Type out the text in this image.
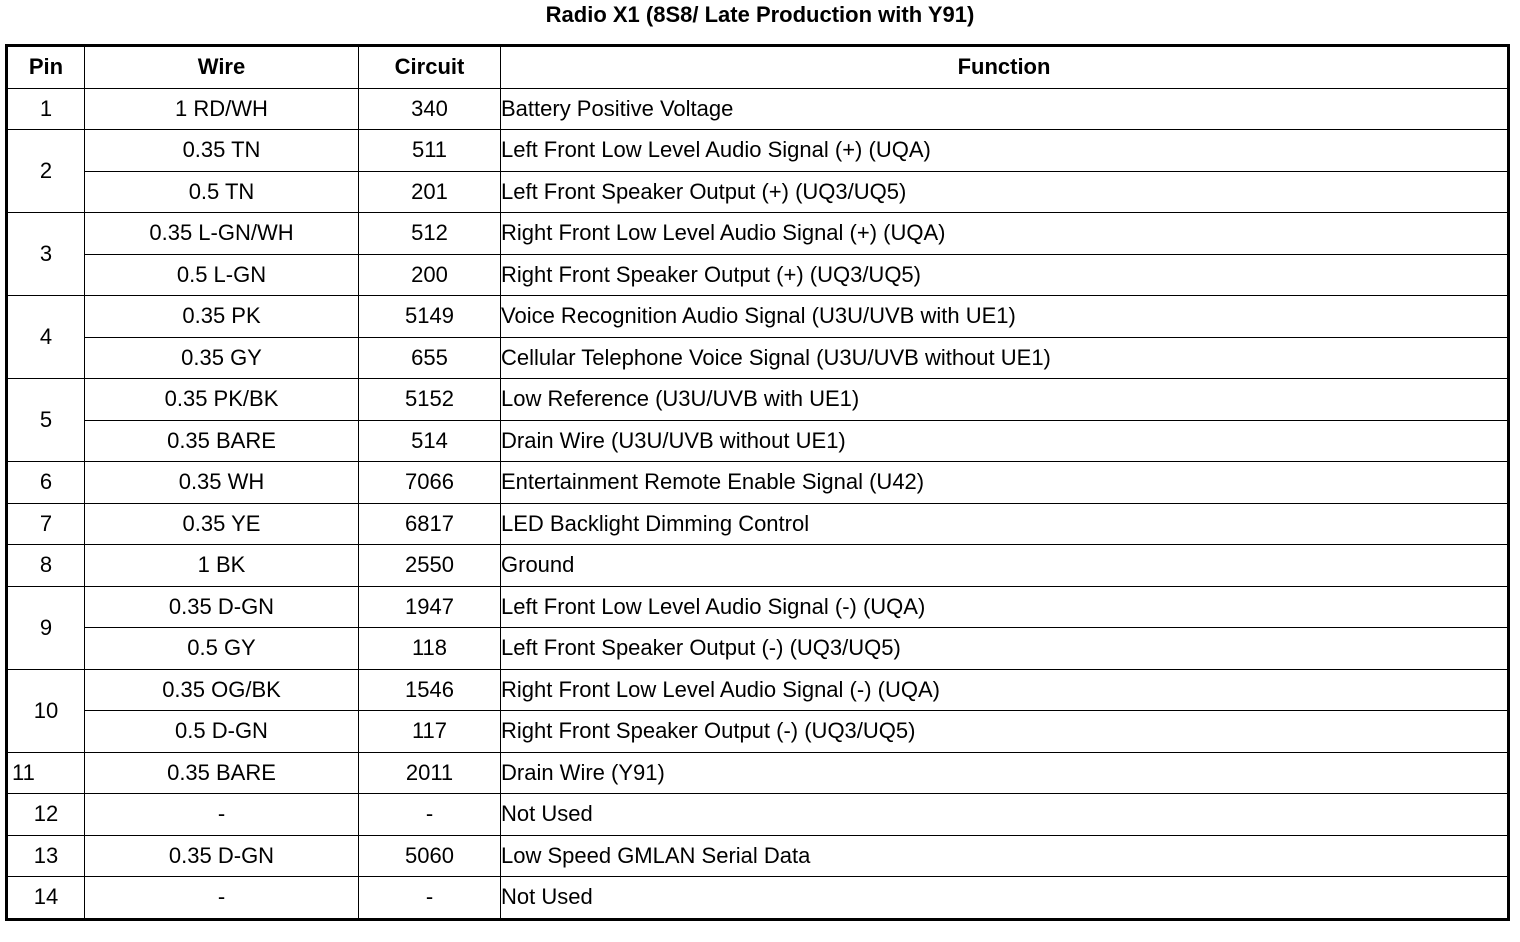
Radio X1 (8S8/ Late Production with Y91)
Pin	Wire	Circuit	Function
1	1 RD/WH	340	Battery Positive Voltage
2	0.35 TN	511	Left Front Low Level Audio Signal (+) (UQA)
	0.5 TN	201	Left Front Speaker Output (+) (UQ3/UQ5)
3	0.35 L-GN/WH	512	Right Front Low Level Audio Signal (+) (UQA)
	0.5 L-GN	200	Right Front Speaker Output (+) (UQ3/UQ5)
4	0.35 PK	5149	Voice Recognition Audio Signal (U3U/UVB with UE1)
	0.35 GY	655	Cellular Telephone Voice Signal (U3U/UVB without UE1)
5	0.35 PK/BK	5152	Low Reference (U3U/UVB with UE1)
	0.35 BARE	514	Drain Wire (U3U/UVB without UE1)
6	0.35 WH	7066	Entertainment Remote Enable Signal (U42)
7	0.35 YE	6817	LED Backlight Dimming Control
8	1 BK	2550	Ground
9	0.35 D-GN	1947	Left Front Low Level Audio Signal (-) (UQA)
	0.5 GY	118	Left Front Speaker Output (-) (UQ3/UQ5)
10	0.35 OG/BK	1546	Right Front Low Level Audio Signal (-) (UQA)
	0.5 D-GN	117	Right Front Speaker Output (-) (UQ3/UQ5)
11	0.35 BARE	2011	Drain Wire (Y91)
12	-	-	Not Used
13	0.35 D-GN	5060	Low Speed GMLAN Serial Data
14	-	-	Not Used
